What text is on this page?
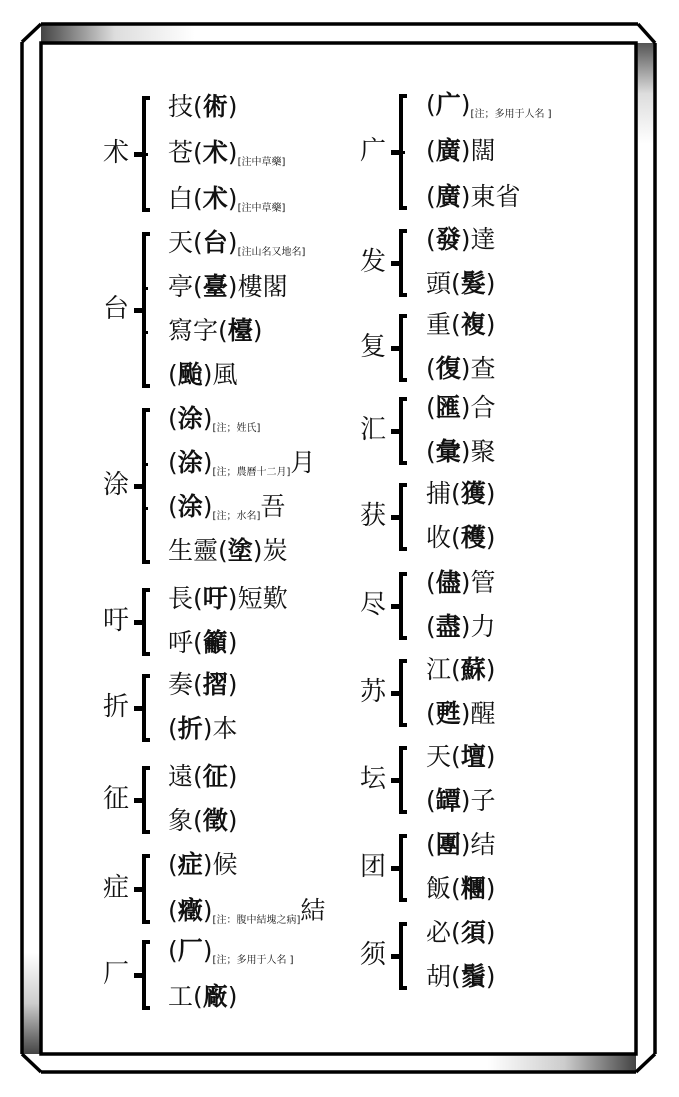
术
技(術)
苍(术)[注中草藥]
白(术)[注中草藥]
台
天(台)[注山名又地名]
亭(臺)樓閣
寫字(檯)
(颱)風
涂
(涂)[注；姓氏]
(涂)[注；農曆十二月]月
(涂)[注；水名]吾
生靈(塗)炭
吁
長(吁)短歎
呼(籲)
折
奏(摺)
(折)本
征
遠(征)
象(徵)
症
(症)候
(癥)[注：腹中結塊之病]結
厂
(厂)[注；多用于人名 ]
工(廠)
广
(广)[注；多用于人名 ]
(廣)闊
(廣)東省
发
(發)達
頭(髮)
复
重(複)
(復)查
汇
(匯)合
(彙)聚
获
捕(獲)
收(穫)
尽
(儘)管
(盡)力
苏
江(蘇)
(甦)醒
坛
天(壇)
(罈)子
团
(團)结
飯(糰)
须
必(須)
胡(鬚)
